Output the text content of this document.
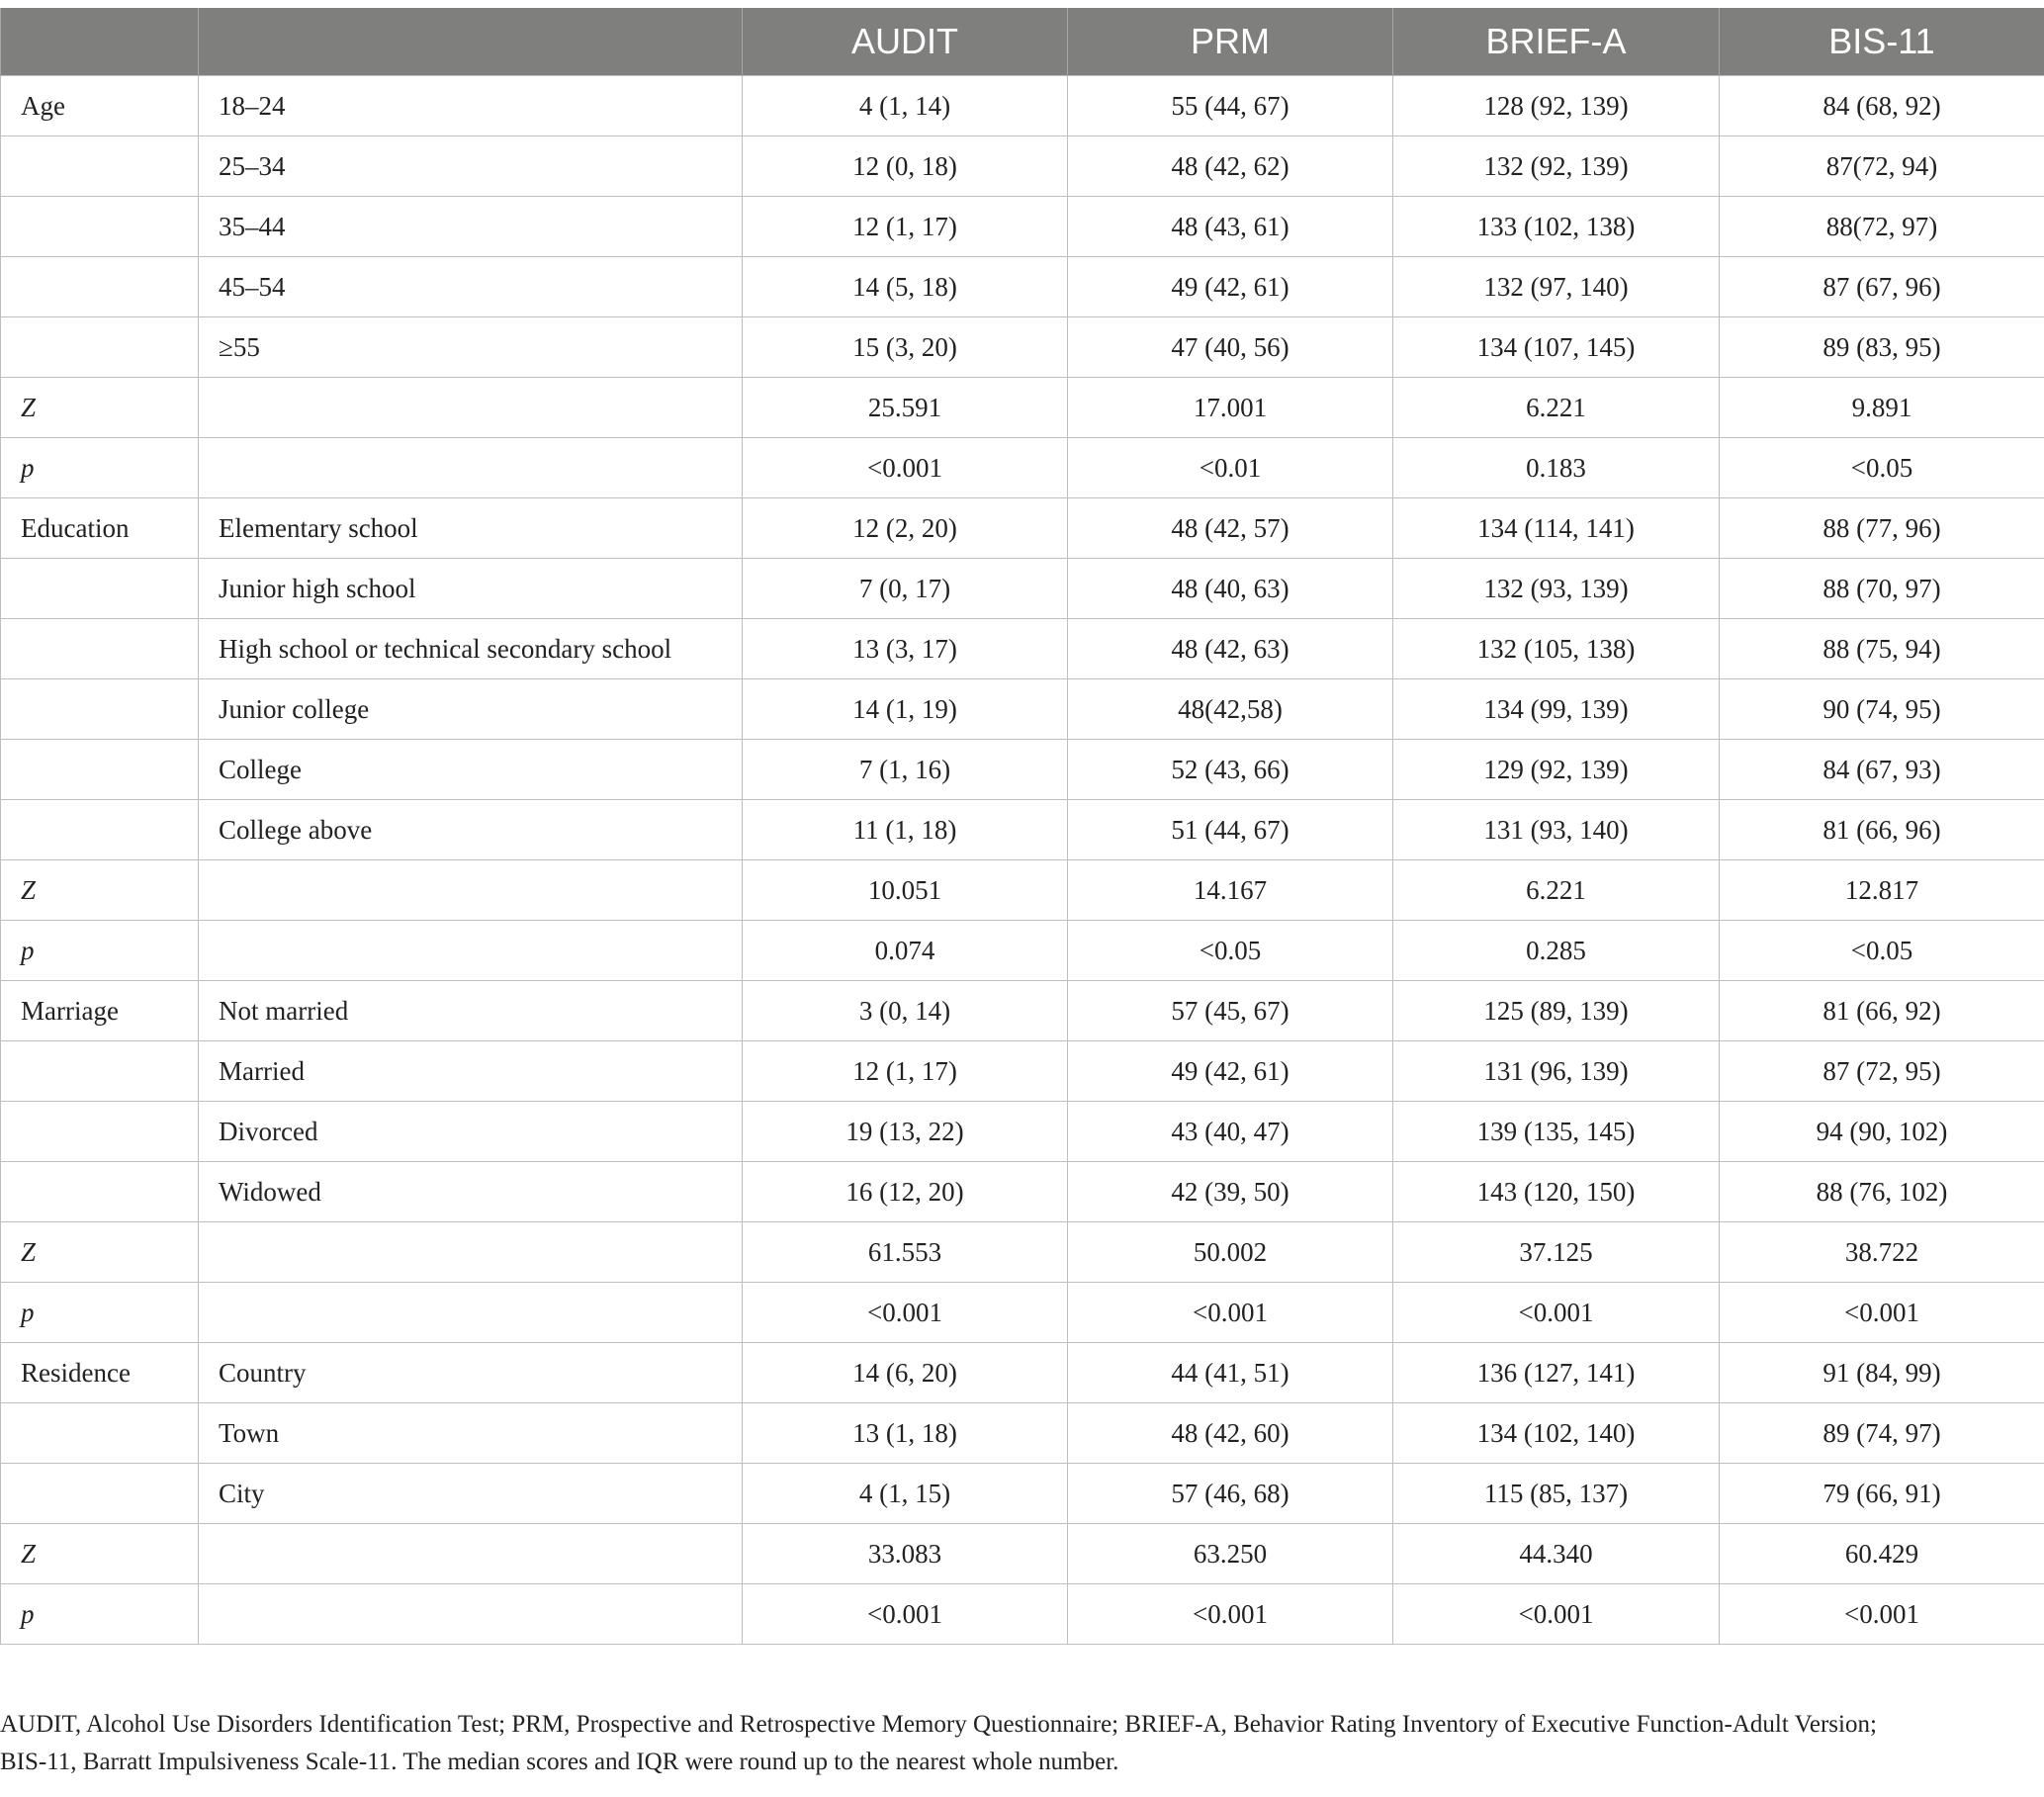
		AUDIT	PRM	BRIEF-A	BIS-11
Age	18–24	4 (1, 14)	55 (44, 67)	128 (92, 139)	84 (68, 92)
	25–34	12 (0, 18)	48 (42, 62)	132 (92, 139)	87(72, 94)
	35–44	12 (1, 17)	48 (43, 61)	133 (102, 138)	88(72, 97)
	45–54	14 (5, 18)	49 (42, 61)	132 (97, 140)	87 (67, 96)
	≥55	15 (3, 20)	47 (40, 56)	134 (107, 145)	89 (83, 95)
Z		25.591	17.001	6.221	9.891
p		<0.001	<0.01	0.183	<0.05
Education	Elementary school	12 (2, 20)	48 (42, 57)	134 (114, 141)	88 (77, 96)
	Junior high school	7 (0, 17)	48 (40, 63)	132 (93, 139)	88 (70, 97)
	High school or technical secondary school	13 (3, 17)	48 (42, 63)	132 (105, 138)	88 (75, 94)
	Junior college	14 (1, 19)	48(42,58)	134 (99, 139)	90 (74, 95)
	College	7 (1, 16)	52 (43, 66)	129 (92, 139)	84 (67, 93)
	College above	11 (1, 18)	51 (44, 67)	131 (93, 140)	81 (66, 96)
Z		10.051	14.167	6.221	12.817
p		0.074	<0.05	0.285	<0.05
Marriage	Not married	3 (0, 14)	57 (45, 67)	125 (89, 139)	81 (66, 92)
	Married	12 (1, 17)	49 (42, 61)	131 (96, 139)	87 (72, 95)
	Divorced	19 (13, 22)	43 (40, 47)	139 (135, 145)	94 (90, 102)
	Widowed	16 (12, 20)	42 (39, 50)	143 (120, 150)	88 (76, 102)
Z		61.553	50.002	37.125	38.722
p		<0.001	<0.001	<0.001	<0.001
Residence	Country	14 (6, 20)	44 (41, 51)	136 (127, 141)	91 (84, 99)
	Town	13 (1, 18)	48 (42, 60)	134 (102, 140)	89 (74, 97)
	City	4 (1, 15)	57 (46, 68)	115 (85, 137)	79 (66, 91)
Z		33.083	63.250	44.340	60.429
p		<0.001	<0.001	<0.001	<0.001
AUDIT, Alcohol Use Disorders Identification Test; PRM, Prospective and Retrospective Memory Questionnaire; BRIEF-A, Behavior Rating Inventory of Executive Function-Adult Version;
BIS-11, Barratt Impulsiveness Scale-11. The median scores and IQR were round up to the nearest whole number.
